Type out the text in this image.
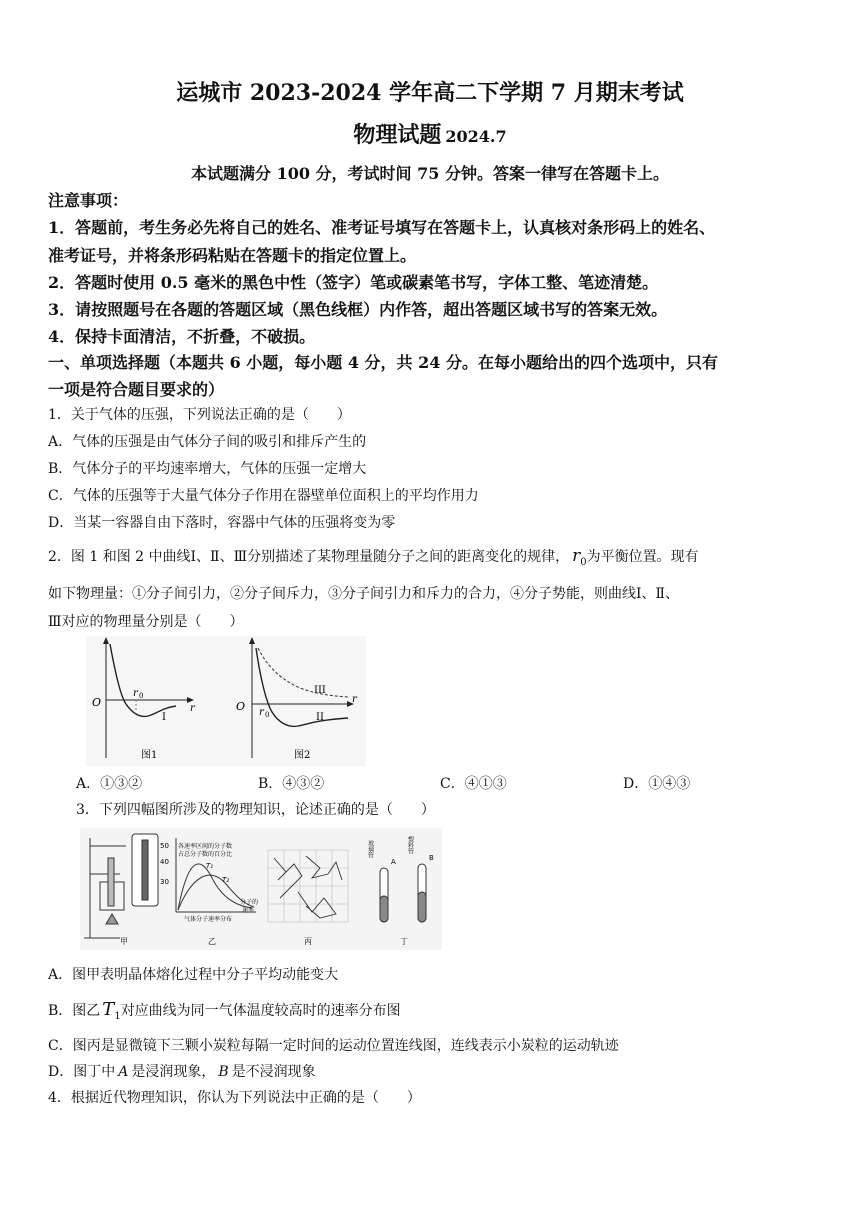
运城市 2023-2024 学年高二下学期 7 月期末考试
物理试题 2024.7
本试题满分 100 分，考试时间 75 分钟。答案一律写在答题卡上。
注意事项：
1．答题前，考生务必先将自己的姓名、准考证号填写在答题卡上，认真核对条形码上的姓名、
准考证号，并将条形码粘贴在答题卡的指定位置上。
2．答题时使用 0.5 毫米的黑色中性（签字）笔或碳素笔书写，字体工整、笔迹清楚。
3．请按照题号在各题的答题区域（黑色线框）内作答，超出答题区域书写的答案无效。
4．保持卡面清洁，不折叠，不破损。
一、单项选择题（本题共 6 小题，每小题 4 分，共 24 分。在每小题给出的四个选项中，只有
一项是符合题目要求的）
1．关于气体的压强，下列说法正确的是（　　）
A．气体的压强是由气体分子间的吸引和排斥产生的
B．气体分子的平均速率增大，气体的压强一定增大
C．气体的压强等于大量气体分子作用在器壁单位面积上的平均作用力
D．当某一容器自由下落时，容器中气体的压强将变为零
2．图 1 和图 2 中曲线Ⅰ、Ⅱ、Ⅲ分别描述了某物理量随分子之间的距离变化的规律， $r_0$为平衡位置。现有
如下物理量：①分子间引力，②分子间斥力，③分子间引力和斥力的合力，④分子势能，则曲线Ⅰ、Ⅱ、
Ⅲ对应的物理量分别是（　　）
O
r 0
r
I
图1
O r 0
r
III
II
图2
A．①③②	B．④③②	C．④①③	D．①④③
3．下列四幅图所涉及的物理知识，论述正确的是（　　）
50
40
30
甲
各速率区间的分子数
占总分子数的百分比
T₁
T₂
分子的
速率
气体分子速率分布
乙	丙
玻璃管
A
塑料管
B
丁
A．图甲表明晶体熔化过程中分子平均动能变大
B．图乙 $T_1$对应曲线为同一气体温度较高时的速率分布图
C．图丙是显微镜下三颗小炭粒每隔一定时间的运动位置连线图，连线表示小炭粒的运动轨迹
D．图丁中 A 是浸润现象， B 是不浸润现象
4．根据近代物理知识，你认为下列说法中正确的是（　　）
